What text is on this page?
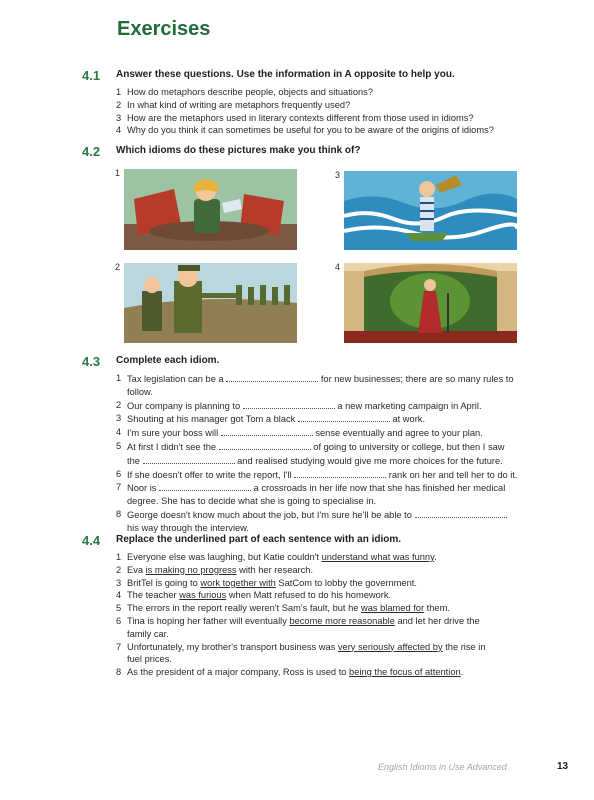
Exercises
4.1 Answer these questions. Use the information in A opposite to help you.
1 How do metaphors describe people, objects and situations?
2 In what kind of writing are metaphors frequently used?
3 How are the metaphors used in literary contexts different from those used in idioms?
4 Why do you think it can sometimes be useful for you to be aware of the origins of idioms?
4.2 Which idioms do these pictures make you think of?
1
2
3
4
4.3 Complete each idiom.
1 Tax legislation can be a	for new businesses; there are so many rules to
follow.
2 Our company is planning to	a new marketing campaign in April.
3 Shouting at his manager got Tom a black	at work.
4 I'm sure your boss will	sense eventually and agree to your plan.
5 At first I didn't see the	of going to university or college, but then I saw
the	and realised studying would give me more choices for the future.
6 If she doesn't offer to write the report, I'll	rank on her and tell her to do it.
7 Noor is	a crossroads in her life now that she has finished her medical
degree. She has to decide what she is going to specialise in.
8 George doesn't know much about the job, but I'm sure he'll be able to
his way through the interview.
4.4 Replace the underlined part of each sentence with an idiom.
1 Everyone else was laughing, but Katie couldn't understand what was funny.
2 Eva is making no progress with her research.
3 BritTel is going to work together with SatCom to lobby the government.
4 The teacher was furious when Matt refused to do his homework.
5 The errors in the report really weren't Sam's fault, but he was blamed for them.
6 Tina is hoping her father will eventually become more reasonable and let her drive the
family car.
7 Unfortunately, my brother's transport business was very seriously affected by the rise in
fuel prices.
8 As the president of a major company, Ross is used to being the focus of attention.
English Idioms in Use Advanced	13
